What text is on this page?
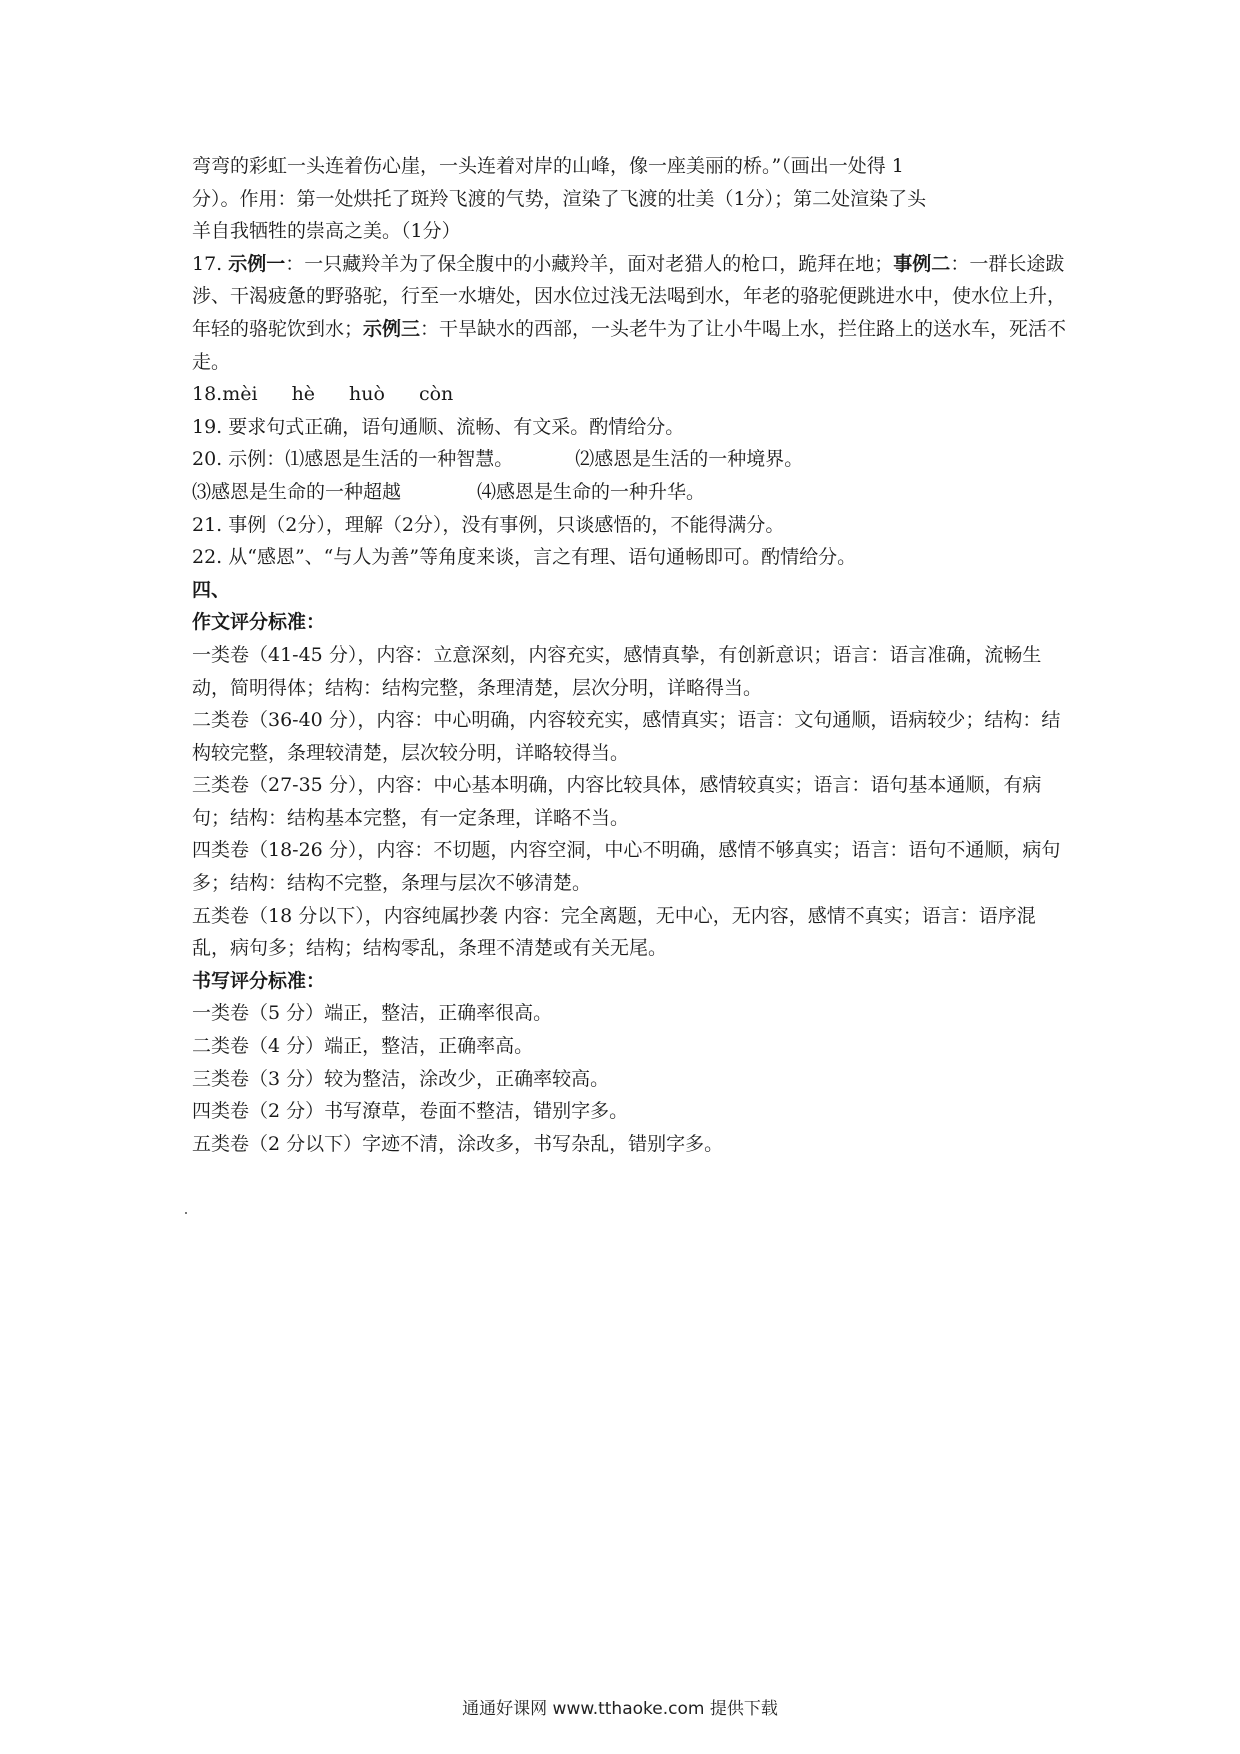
弯弯的彩虹一头连着伤心崖，一头连着对岸的山峰，像一座美丽的桥。”（画出一处得 1

分）。作用：第一处烘托了斑羚飞渡的气势，渲染了飞渡的壮美（1分）；第二处渲染了头

羊自我牺牲的崇高之美。（1分）

17. 示例一：一只藏羚羊为了保全腹中的小藏羚羊，面对老猎人的枪口，跪拜在地；事例二：一群长途跋涉、干渴疲惫的野骆驼，行至一水塘处，因水位过浅无法喝到水，年老的骆驼便跳进水中，使水位上升，年轻的骆驼饮到水；示例三：干旱缺水的西部，一头老牛为了让小牛喝上水，拦住路上的送水车，死活不走。

18.mèi hè huò còn

19. 要求句式正确，语句通顺、流畅、有文采。酌情给分。

20. 示例：⑴感恩是生活的一种智慧。	⑵感恩是生活的一种境界。

⑶感恩是生命的一种超越	⑷感恩是生命的一种升华。

21. 事例（2分），理解（2分），没有事例，只谈感悟的，不能得满分。

22. 从“感恩”、“与人为善”等角度来谈，言之有理、语句通畅即可。酌情给分。

四、

作文评分标准：

一类卷（41-45 分），内容：立意深刻，内容充实，感情真挚，有创新意识；语言：语言准确，流畅生动，简明得体；结构：结构完整，条理清楚，层次分明，详略得当。

二类卷（36-40 分），内容：中心明确，内容较充实，感情真实；语言：文句通顺，语病较少；结构：结构较完整，条理较清楚，层次较分明，详略较得当。

三类卷（27-35 分），内容：中心基本明确，内容比较具体，感情较真实；语言：语句基本通顺，有病句；结构：结构基本完整，有一定条理，详略不当。

四类卷（18-26 分），内容：不切题，内容空洞，中心不明确，感情不够真实；语言：语句不通顺，病句多；结构：结构不完整，条理与层次不够清楚。

五类卷（18 分以下），内容纯属抄袭 内容：完全离题，无中心，无内容，感情不真实；语言：语序混乱，病句多；结构；结构零乱，条理不清楚或有关无尾。

书写评分标准：

一类卷（5 分）端正，整洁，正确率很高。

二类卷（4 分）端正，整洁，正确率高。

三类卷（3 分）较为整洁，涂改少，正确率较高。

四类卷（2 分）书写潦草，卷面不整洁，错别字多。

五类卷（2 分以下）字迹不清，涂改多，书写杂乱，错别字多。

通通好课网 www.tthaoke.com 提供下载
